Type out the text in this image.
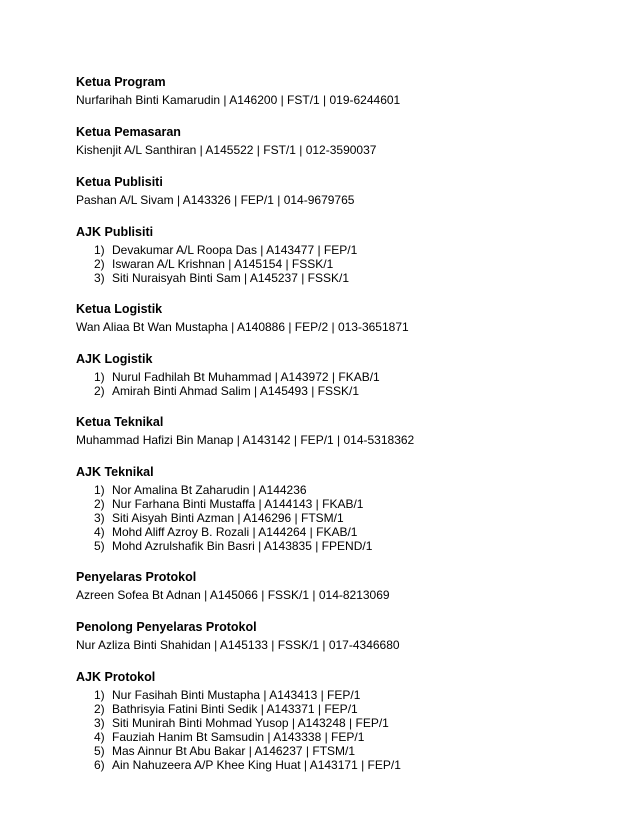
Ketua Program
Nurfarihah Binti Kamarudin | A146200 | FST/1 | 019-6244601
Ketua Pemasaran
Kishenjit A/L Santhiran | A145522 | FST/1 | 012-3590037
Ketua Publisiti
Pashan A/L Sivam | A143326 | FEP/1 | 014-9679765
AJK Publisiti
1) Devakumar A/L Roopa Das | A143477 | FEP/1
2) Iswaran A/L Krishnan | A145154 | FSSK/1
3) Siti Nuraisyah Binti Sam | A145237 | FSSK/1
Ketua Logistik
Wan Aliaa Bt Wan Mustapha | A140886 | FEP/2 | 013-3651871
AJK Logistik
1) Nurul Fadhilah Bt Muhammad | A143972 | FKAB/1
2) Amirah Binti Ahmad Salim | A145493 | FSSK/1
Ketua Teknikal
Muhammad Hafizi Bin Manap | A143142 | FEP/1 | 014-5318362
AJK Teknikal
1) Nor Amalina Bt Zaharudin | A144236
2) Nur Farhana Binti Mustaffa | A144143 | FKAB/1
3) Siti Aisyah Binti Azman | A146296 | FTSM/1
4) Mohd Aliff Azroy B. Rozali | A144264 | FKAB/1
5) Mohd Azrulshafik Bin Basri | A143835 | FPEND/1
Penyelaras Protokol
Azreen Sofea Bt Adnan | A145066 | FSSK/1 | 014-8213069
Penolong Penyelaras Protokol
Nur Azliza Binti Shahidan | A145133 | FSSK/1 | 017-4346680
AJK Protokol
1) Nur Fasihah Binti Mustapha | A143413 | FEP/1
2) Bathrisyia Fatini Binti Sedik | A143371 | FEP/1
3) Siti Munirah Binti Mohmad Yusop | A143248 | FEP/1
4) Fauziah Hanim Bt Samsudin | A143338 | FEP/1
5) Mas Ainnur Bt Abu Bakar | A146237 | FTSM/1
6) Ain Nahuzeera A/P Khee King Huat | A143171 | FEP/1
